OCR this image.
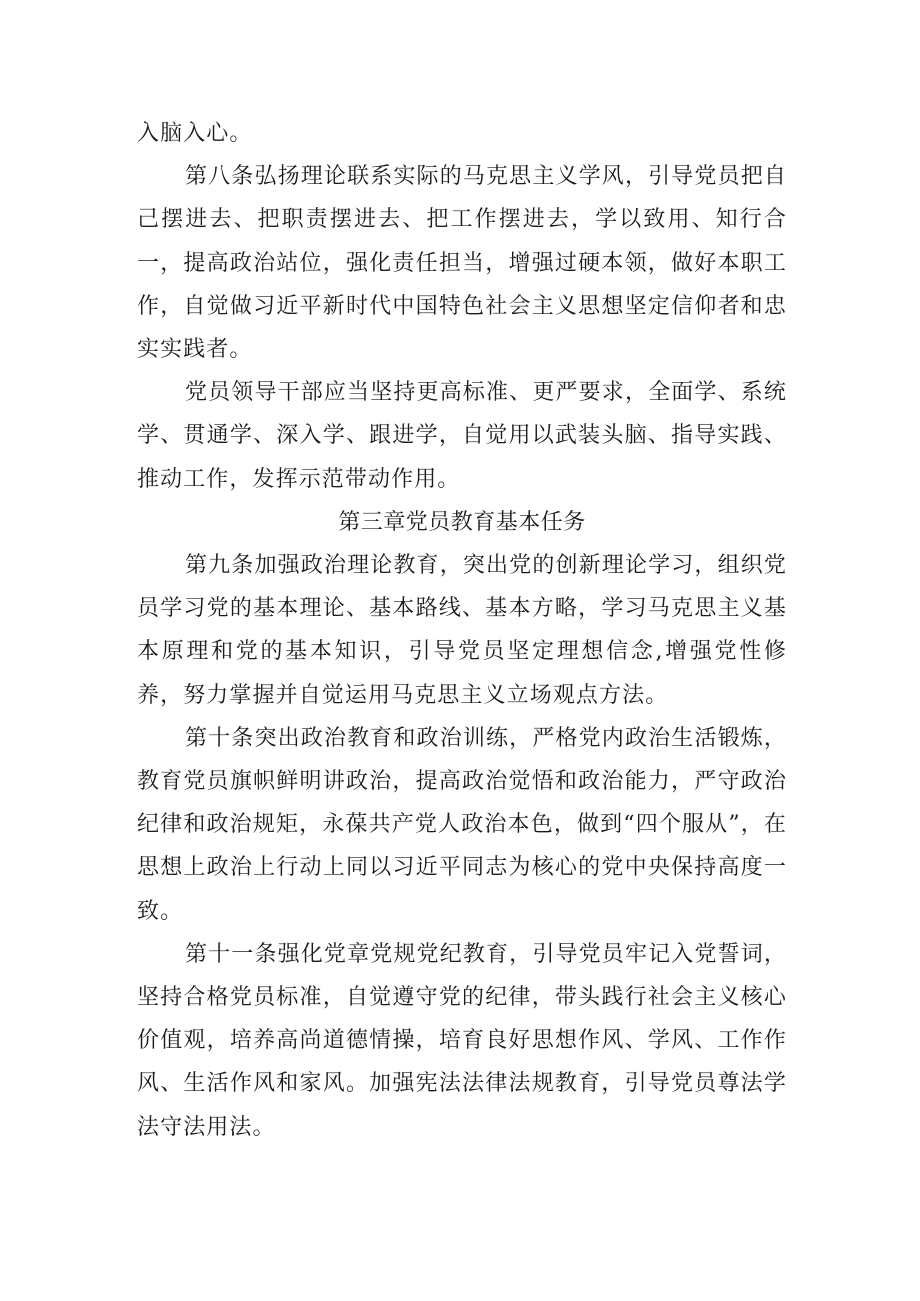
入脑入心。

第八条弘扬理论联系实际的马克思主义学风，引导党员把自己摆进去、把职责摆进去、把工作摆进去，学以致用、知行合一，提高政治站位，强化责任担当，增强过硬本领，做好本职工作，自觉做习近平新时代中国特色社会主义思想坚定信仰者和忠实实践者。

党员领导干部应当坚持更高标准、更严要求，全面学、系统学、贯通学、深入学、跟进学，自觉用以武装头脑、指导实践、推动工作，发挥示范带动作用。

第三章党员教育基本任务

第九条加强政治理论教育，突出党的创新理论学习，组织党员学习党的基本理论、基本路线、基本方略，学习马克思主义基本原理和党的基本知识，引导党员坚定理想信念,增强党性修养，努力掌握并自觉运用马克思主义立场观点方法。

第十条突出政治教育和政治训练，严格党内政治生活锻炼，教育党员旗帜鲜明讲政治，提高政治觉悟和政治能力，严守政治纪律和政治规矩，永葆共产党人政治本色，做到“四个服从”，在思想上政治上行动上同以习近平同志为核心的党中央保持高度一致。

第十一条强化党章党规党纪教育，引导党员牢记入党誓词，坚持合格党员标准，自觉遵守党的纪律，带头践行社会主义核心价值观，培养高尚道德情操，培育良好思想作风、学风、工作作风、生活作风和家风。加强宪法法律法规教育，引导党员尊法学法守法用法。
